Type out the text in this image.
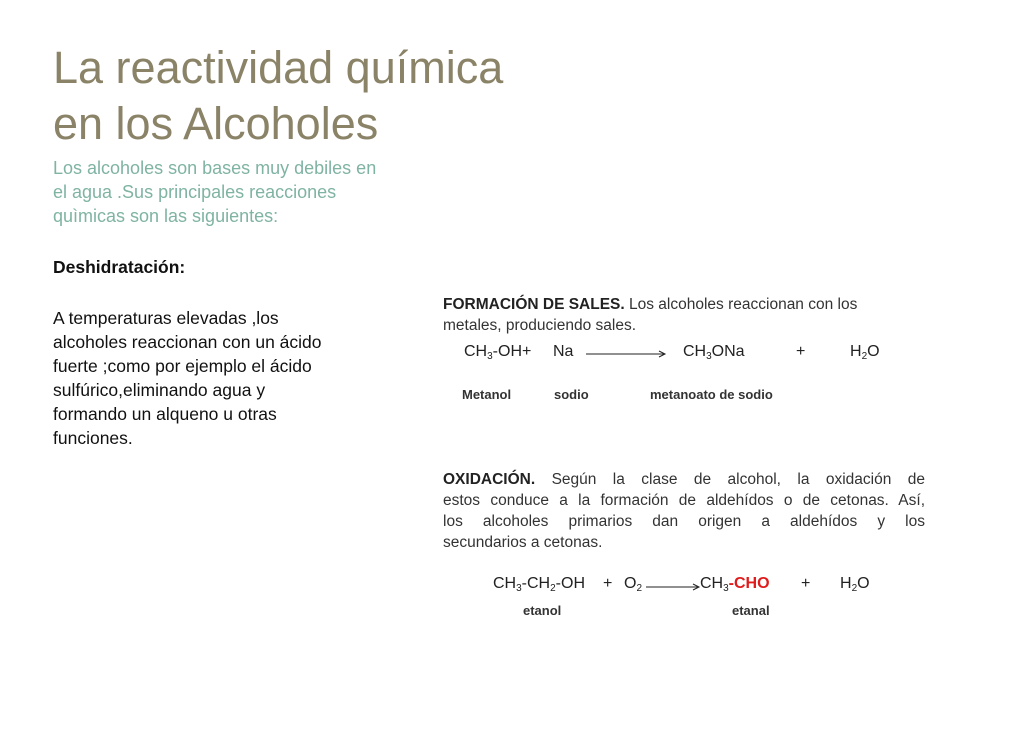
La reactividad química
en los Alcoholes
Los alcoholes son bases muy debiles en
el agua .Sus principales reacciones
quìmicas son las siguientes:
Deshidratación:
A temperaturas elevadas ,los
alcoholes reaccionan con un ácido
fuerte ;como por ejemplo el ácido
sulfúrico,eliminando agua y
formando un alqueno u otras
funciones.
FORMACIÓN DE SALES. Los alcoholes reaccionan con los
metales, produciendo sales.
$CH_3-OH+ Na$	$CH_3ONa$	+	$H_2O$
Metanol	sodio	metanoato de sodio
OXIDACIÓN. Según la clase de alcohol, la oxidación de
estos conduce a la formación de aldehídos o de cetonas. Así,
los alcoholes primarios dan origen a aldehídos y los
secundarios a cetonas.
$CH_3-CH_2-OH + O_2$	$CH_3$-CHO + $H_2O$
etanol	etanal
